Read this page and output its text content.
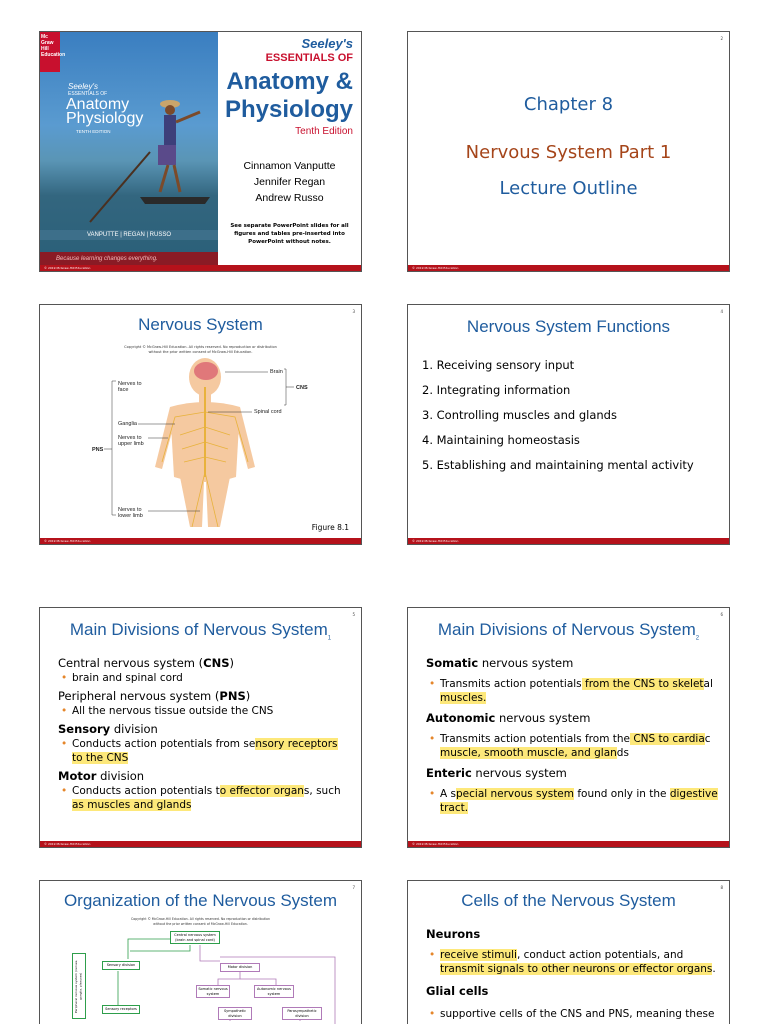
Mc Graw Hill Education
Seeley's
ESSENTIALS OF
Anatomy
Physiology
TENTH EDITION
VANPUTTE | REGAN | RUSSO
Because learning changes everything.
Seeley's
ESSENTIALS OF
Anatomy &
Physiology
Tenth Edition
Cinnamon Vanputte
Jennifer Regan
Andrew Russo
See separate PowerPoint slides for all figures and tables pre-inserted into PowerPoint without notes.
© 2019 McGraw-Hill Education
2
Chapter 8
Nervous System Part 1
Lecture Outline
© 2019 McGraw-Hill Education
3
Nervous System
Copyright © McGraw-Hill Education. All rights reserved. No reproduction or distribution without the prior written consent of McGraw-Hill Education.
Brain
CNS
Spinal cord
Nerves to face
Ganglia
Nerves to upper limb
PNS
Nerves to lower limb
Figure 8.1
© 2019 McGraw-Hill Education
4
Nervous System Functions
1. Receiving sensory input
2. Integrating information
3. Controlling muscles and glands
4. Maintaining homeostasis
5. Establishing and maintaining mental activity
© 2019 McGraw-Hill Education
5
Main Divisions of Nervous System$_1$
Central nervous system (CNS)
• brain and spinal cord
Peripheral nervous system (PNS)
• All the nervous tissue outside the CNS
Sensory division
• Conducts action potentials from sensory receptors
to the CNS
Motor division
• Conducts action potentials to effector organs, such
as muscles and glands
© 2019 McGraw-Hill Education
6
Main Divisions of Nervous System$_2$
Somatic nervous system
• Transmits action potentials from the CNS to skeletal
muscles.
Autonomic nervous system
• Transmits action potentials from the CNS to cardiac
muscle, smooth muscle, and glands
Enteric nervous system
• A special nervous system found only in the digestive
tract.
© 2019 McGraw-Hill Education
7
Organization of the Nervous System
Copyright © McGraw-Hill Education. All rights reserved. No reproduction or distribution without the prior written consent of McGraw-Hill Education.
Central nervous system (brain and spinal cord)
Sensory division	Motor division
Somatic nervous system
Autonomic nervous system
Sympathetic division
Parasympathetic division
Sensory receptors
Peripheral nervous system (nerves, ganglia, plexuses)
8
Cells of the Nervous System
Neurons
• receive stimuli, conduct action potentials, and
transmit signals to other neurons or effector organs.
Glial cells
• supportive cells of the CNS and PNS, meaning these
